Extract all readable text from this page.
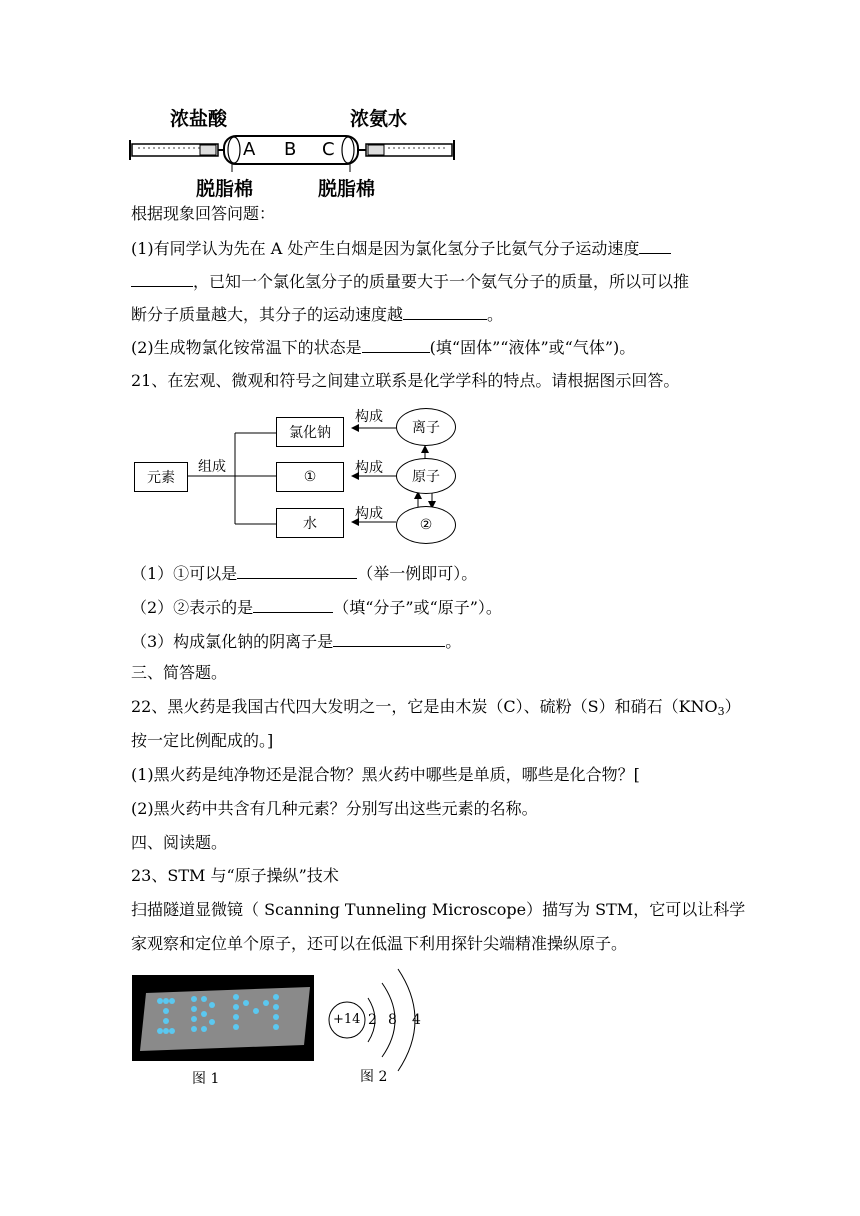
浓盐酸	浓氨水
A B C
脱脂棉	脱脂棉
根据现象回答问题：
(1)有同学认为先在 A 处产生白烟是因为氯化氢分子比氨气分子运动速度
，已知一个氯化氢分子的质量要大于一个氨气分子的质量，所以可以推
断分子质量越大，其分子的运动速度越	。
(2)生成物氯化铵常温下的状态是	(填“固体”“液体”或“气体”)。
21、在宏观、微观和符号之间建立联系是化学学科的特点。请根据图示回答。
元素
组成
氯化钠
①
水
构成
构成
构成
离子
原子
②
（1）①可以是	（举一例即可）。
（2）②表示的是	（填“分子”或“原子”）。
（3）构成氯化钠的阴离子是	。
三、简答题。
22、黑火药是我国古代四大发明之一，它是由木炭（C）、硫粉（S）和硝石$(KNO_3)$
按一定比例配成的。]
(1)黑火药是纯净物还是混合物？黑火药中哪些是单质，哪些是化合物？[
(2)黑火药中共含有几种元素？分别写出这些元素的名称。
四、阅读题。
23、STM 与“原子操纵”技术
扫描隧道显微镜（ Scanning Tunneling Microscope）描写为 STM，它可以让科学
家观察和定位单个原子，还可以在低温下利用探针尖端精准操纵原子。
图 1
+14 2 8 4
图 2
